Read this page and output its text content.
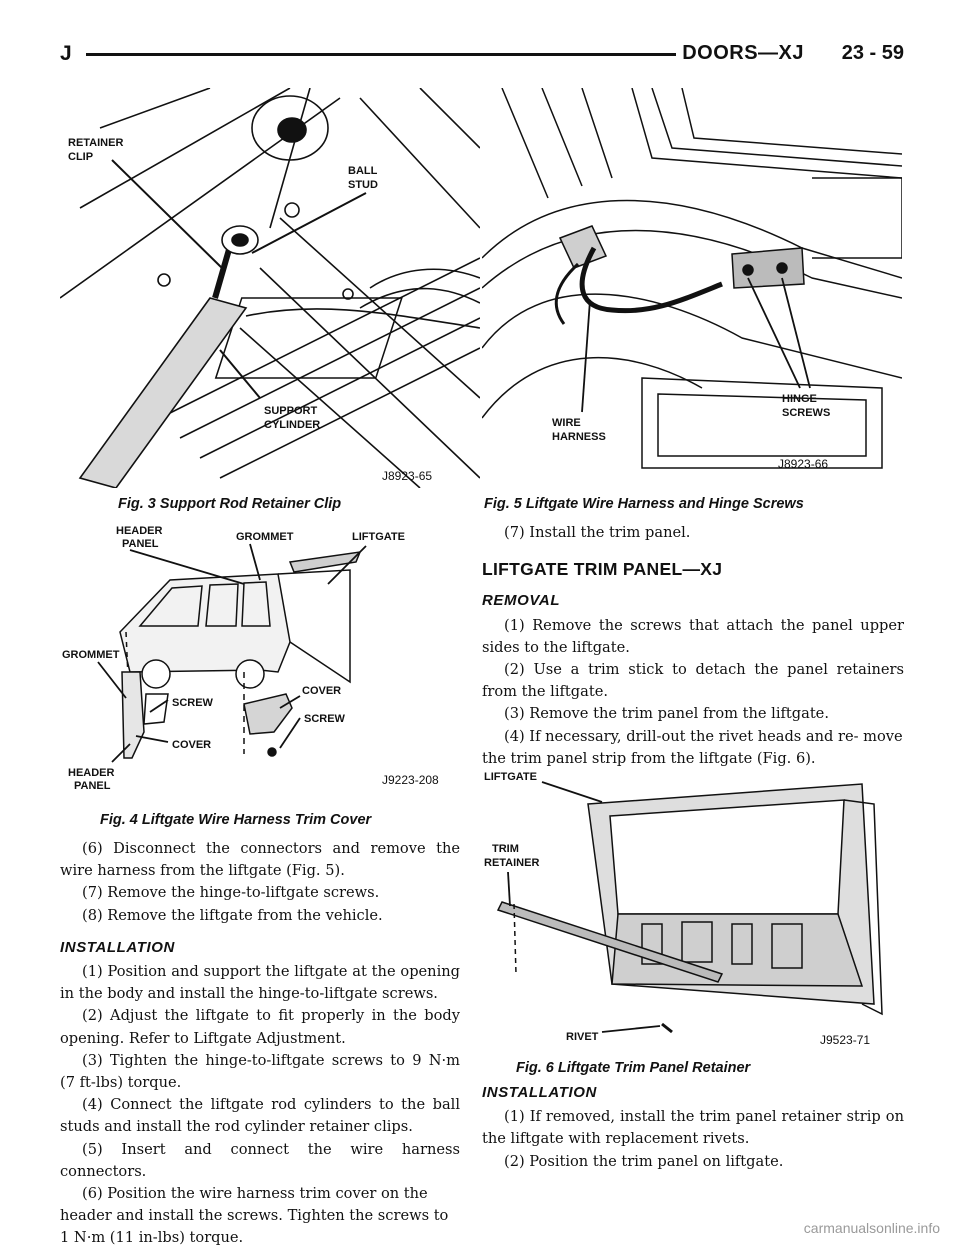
J	DOORS—XJ 23 - 59
RETAINER
CLIP
BALL
STUD
SUPPORT
CYLINDER
J8923-65
Fig. 3 Support Rod Retainer Clip
HEADER
PANEL
GROMMET	LIFTGATE
GROMMET
SCREW
COVER
SCREW
COVER
HEADER
PANEL	J9223-208
Fig. 4 Liftgate Wire Harness Trim Cover

(6) Disconnect the connectors and remove the wire harness from the liftgate (Fig. 5).

(7) Remove the hinge-to-liftgate screws.

(8) Remove the liftgate from the vehicle.

INSTALLATION

(1) Position and support the liftgate at the opening in the body and install the hinge-to-liftgate screws.

(2) Adjust the liftgate to fit properly in the body opening. Refer to Liftgate Adjustment.

(3) Tighten the hinge-to-liftgate screws to 9 N·m (7 ft-lbs) torque.

(4) Connect the liftgate rod cylinders to the ball studs and install the rod cylinder retainer clips.

(5) Insert and connect the wire harness connectors.

(6) Position the wire harness trim cover on the header and install the screws. Tighten the screws to 1 N·m (11 in-lbs) torque.

WIRE
HARNESS
HINGE
SCREWS
J8923-66
Fig. 5 Liftgate Wire Harness and Hinge Screws

(7) Install the trim panel.

LIFTGATE TRIM PANEL—XJ
REMOVAL

(1) Remove the screws that attach the panel upper sides to the liftgate.

(2) Use a trim stick to detach the panel retainers from the liftgate.

(3) Remove the trim panel from the liftgate.

(4) If necessary, drill-out the rivet heads and re- move the trim panel strip from the liftgate (Fig. 6).

LIFTGATE
TRIM
RETAINER
RIVET	J9523-71
Fig. 6 Liftgate Trim Panel Retainer
INSTALLATION

(1) If removed, install the trim panel retainer strip on the liftgate with replacement rivets.

(2) Position the trim panel on liftgate.

carmanualsonline.info
